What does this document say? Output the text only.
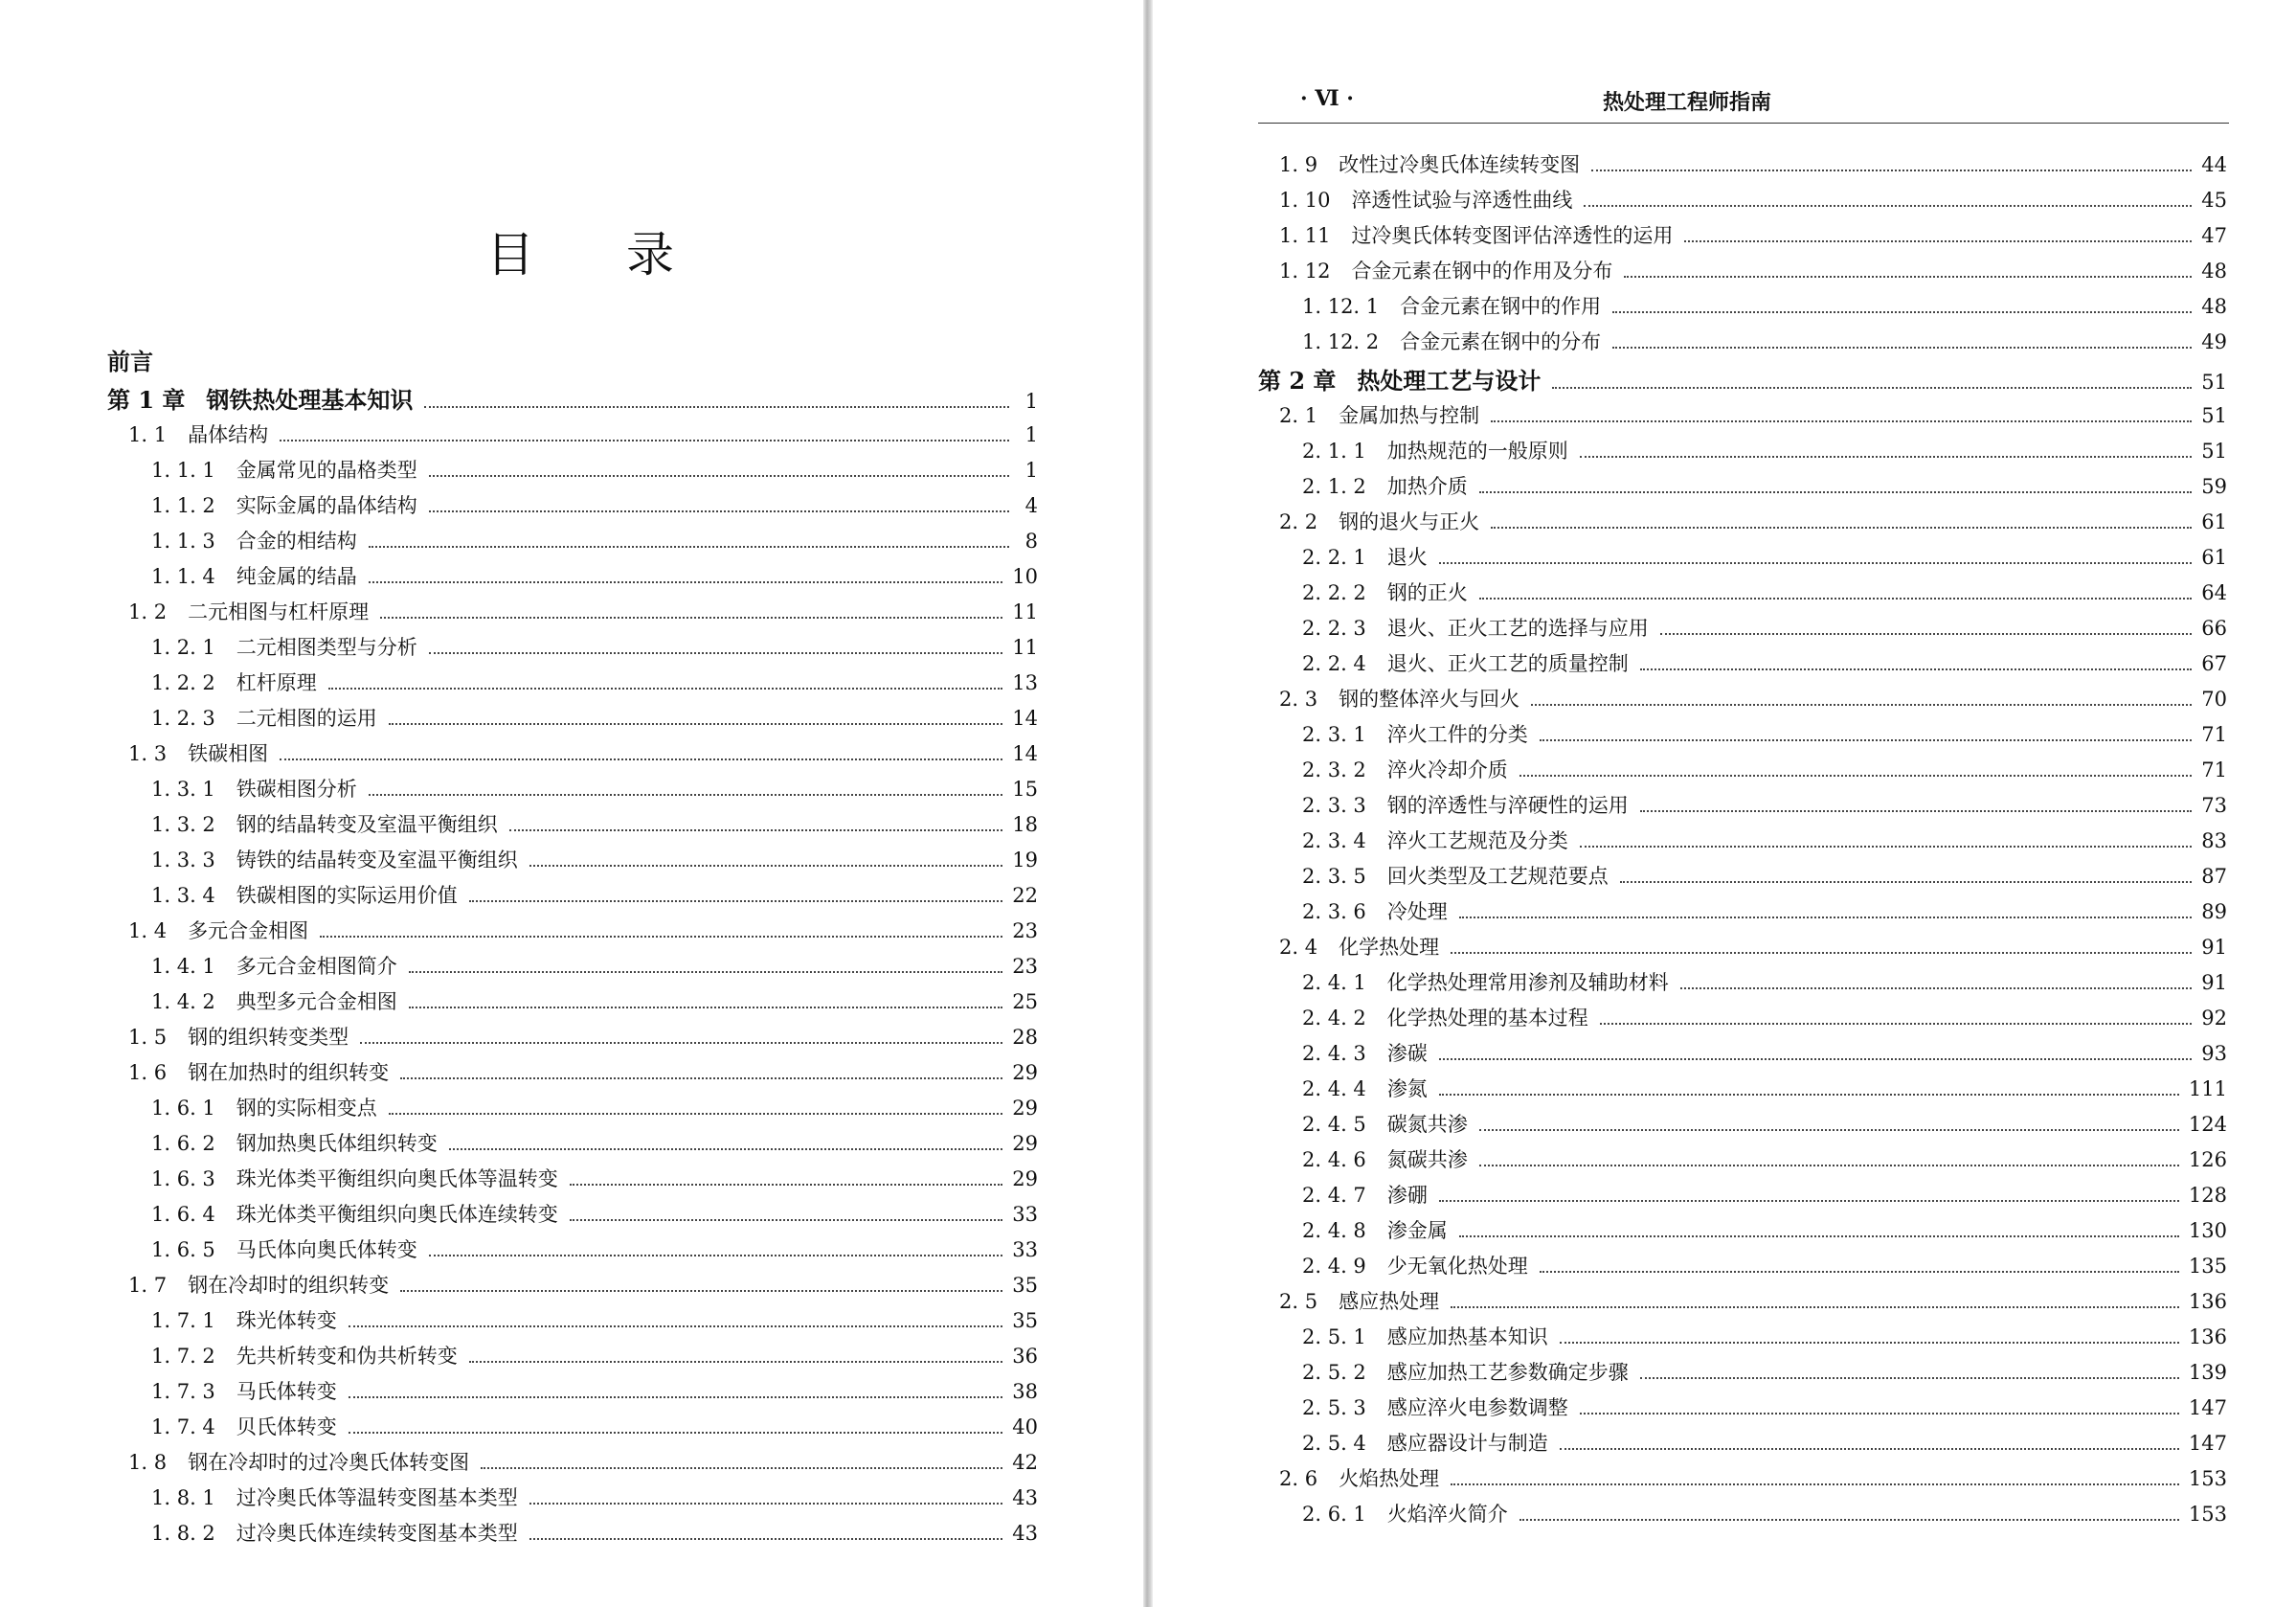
目 录
前言
第 1 章 钢铁热处理基本知识	1
1. 1 晶体结构	1
1. 1. 1 金属常见的晶格类型	1
1. 1. 2 实际金属的晶体结构	4
1. 1. 3 合金的相结构	8
1. 1. 4 纯金属的结晶	10
1. 2 二元相图与杠杆原理	11
1. 2. 1 二元相图类型与分析	11
1. 2. 2 杠杆原理	13
1. 2. 3 二元相图的运用	14
1. 3 铁碳相图	14
1. 3. 1 铁碳相图分析	15
1. 3. 2 钢的结晶转变及室温平衡组织	18
1. 3. 3 铸铁的结晶转变及室温平衡组织	19
1. 3. 4 铁碳相图的实际运用价值	22
1. 4 多元合金相图	23
1. 4. 1 多元合金相图简介	23
1. 4. 2 典型多元合金相图	25
1. 5 钢的组织转变类型	28
1. 6 钢在加热时的组织转变	29
1. 6. 1 钢的实际相变点	29
1. 6. 2 钢加热奥氏体组织转变	29
1. 6. 3 珠光体类平衡组织向奥氏体等温转变	29
1. 6. 4 珠光体类平衡组织向奥氏体连续转变	33
1. 6. 5 马氏体向奥氏体转变	33
1. 7 钢在冷却时的组织转变	35
1. 7. 1 珠光体转变	35
1. 7. 2 先共析转变和伪共析转变	36
1. 7. 3 马氏体转变	38
1. 7. 4 贝氏体转变	40
1. 8 钢在冷却时的过冷奥氏体转变图	42
1. 8. 1 过冷奥氏体等温转变图基本类型	43
1. 8. 2 过冷奥氏体连续转变图基本类型	43
· Ⅵ ·	热处理工程师指南
1. 9 改性过冷奥氏体连续转变图	44
1. 10 淬透性试验与淬透性曲线	45
1. 11 过冷奥氏体转变图评估淬透性的运用	47
1. 12 合金元素在钢中的作用及分布	48
1. 12. 1 合金元素在钢中的作用	48
1. 12. 2 合金元素在钢中的分布	49
第 2 章 热处理工艺与设计	51
2. 1 金属加热与控制	51
2. 1. 1 加热规范的一般原则	51
2. 1. 2 加热介质	59
2. 2 钢的退火与正火	61
2. 2. 1 退火	61
2. 2. 2 钢的正火	64
2. 2. 3 退火、正火工艺的选择与应用	66
2. 2. 4 退火、正火工艺的质量控制	67
2. 3 钢的整体淬火与回火	70
2. 3. 1 淬火工件的分类	71
2. 3. 2 淬火冷却介质	71
2. 3. 3 钢的淬透性与淬硬性的运用	73
2. 3. 4 淬火工艺规范及分类	83
2. 3. 5 回火类型及工艺规范要点	87
2. 3. 6 冷处理	89
2. 4 化学热处理	91
2. 4. 1 化学热处理常用渗剂及辅助材料	91
2. 4. 2 化学热处理的基本过程	92
2. 4. 3 渗碳	93
2. 4. 4 渗氮	111
2. 4. 5 碳氮共渗	124
2. 4. 6 氮碳共渗	126
2. 4. 7 渗硼	128
2. 4. 8 渗金属	130
2. 4. 9 少无氧化热处理	135
2. 5 感应热处理	136
2. 5. 1 感应加热基本知识	136
2. 5. 2 感应加热工艺参数确定步骤	139
2. 5. 3 感应淬火电参数调整	147
2. 5. 4 感应器设计与制造	147
2. 6 火焰热处理	153
2. 6. 1 火焰淬火简介	153
